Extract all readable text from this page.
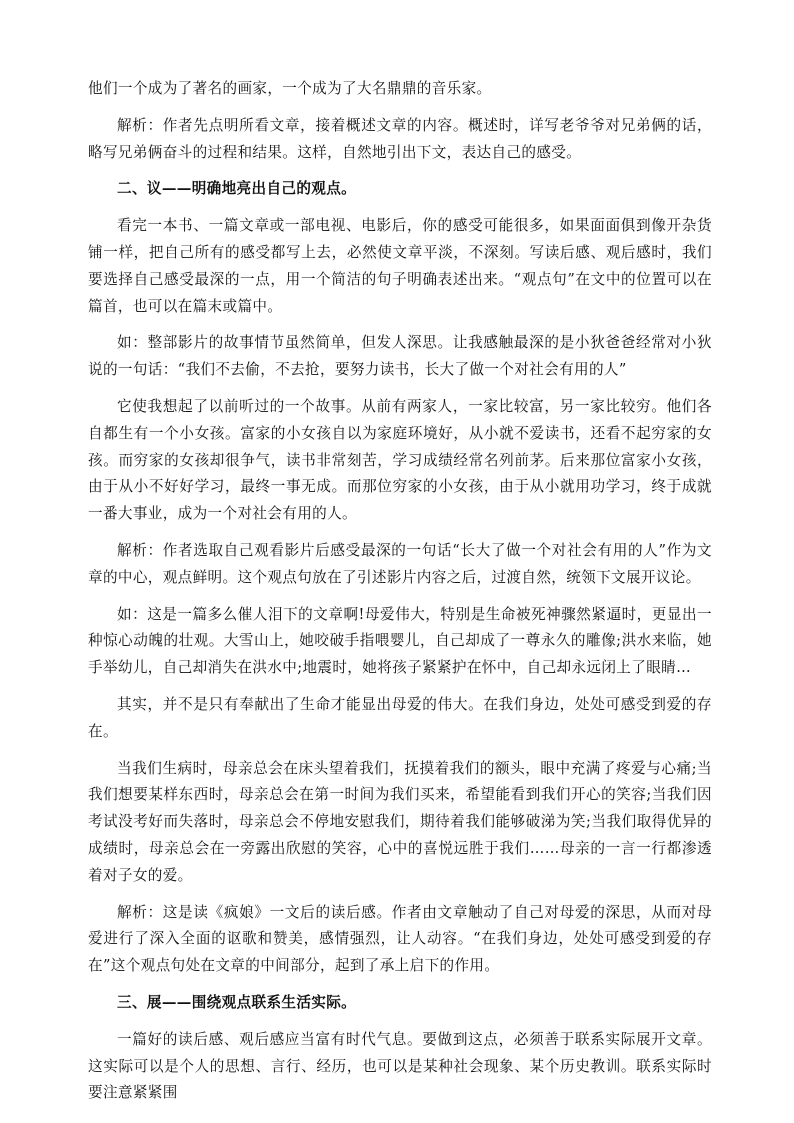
他们一个成为了著名的画家，一个成为了大名鼎鼎的音乐家。

解析：作者先点明所看文章，接着概述文章的内容。概述时，详写老爷爷对兄弟俩的话，略写兄弟俩奋斗的过程和结果。这样，自然地引出下文，表达自己的感受。

二、议——明确地亮出自己的观点。

看完一本书、一篇文章或一部电视、电影后，你的感受可能很多，如果面面俱到像开杂货铺一样，把自己所有的感受都写上去，必然使文章平淡，不深刻。写读后感、观后感时，我们要选择自己感受最深的一点，用一个简洁的句子明确表述出来。“观点句”在文中的位置可以在篇首，也可以在篇末或篇中。

如：整部影片的故事情节虽然简单，但发人深思。让我感触最深的是小狄爸爸经常对小狄说的一句话：“我们不去偷，不去抢，要努力读书，长大了做一个对社会有用的人”

它使我想起了以前听过的一个故事。从前有两家人，一家比较富，另一家比较穷。他们各自都生有一个小女孩。富家的小女孩自以为家庭环境好，从小就不爱读书，还看不起穷家的女孩。而穷家的女孩却很争气，读书非常刻苦，学习成绩经常名列前茅。后来那位富家小女孩，由于从小不好好学习，最终一事无成。而那位穷家的小女孩，由于从小就用功学习，终于成就一番大事业，成为一个对社会有用的人。

解析：作者选取自己观看影片后感受最深的一句话“长大了做一个对社会有用的人”作为文章的中心，观点鲜明。这个观点句放在了引述影片内容之后，过渡自然，统领下文展开议论。

如：这是一篇多么催人泪下的文章啊!母爱伟大，特别是生命被死神骤然紧逼时，更显出一种惊心动魄的壮观。大雪山上，她咬破手指喂婴儿，自己却成了一尊永久的雕像;洪水来临，她手举幼儿，自己却消失在洪水中;地震时，她将孩子紧紧护在怀中，自己却永远闭上了眼睛…

其实，并不是只有奉献出了生命才能显出母爱的伟大。在我们身边，处处可感受到爱的存在。

当我们生病时，母亲总会在床头望着我们，抚摸着我们的额头，眼中充满了疼爱与心痛;当我们想要某样东西时，母亲总会在第一时间为我们买来，希望能看到我们开心的笑容;当我们因考试没考好而失落时，母亲总会不停地安慰我们，期待着我们能够破涕为笑;当我们取得优异的成绩时，母亲总会在一旁露出欣慰的笑容，心中的喜悦远胜于我们……母亲的一言一行都渗透着对子女的爱。

解析：这是读《疯娘》一文后的读后感。作者由文章触动了自己对母爱的深思，从而对母爱进行了深入全面的讴歌和赞美，感情强烈，让人动容。“在我们身边，处处可感受到爱的存在”这个观点句处在文章的中间部分，起到了承上启下的作用。

三、展——围绕观点联系生活实际。

一篇好的读后感、观后感应当富有时代气息。要做到这点，必须善于联系实际展开文章。这实际可以是个人的思想、言行、经历，也可以是某种社会现象、某个历史教训。联系实际时要注意紧紧围
